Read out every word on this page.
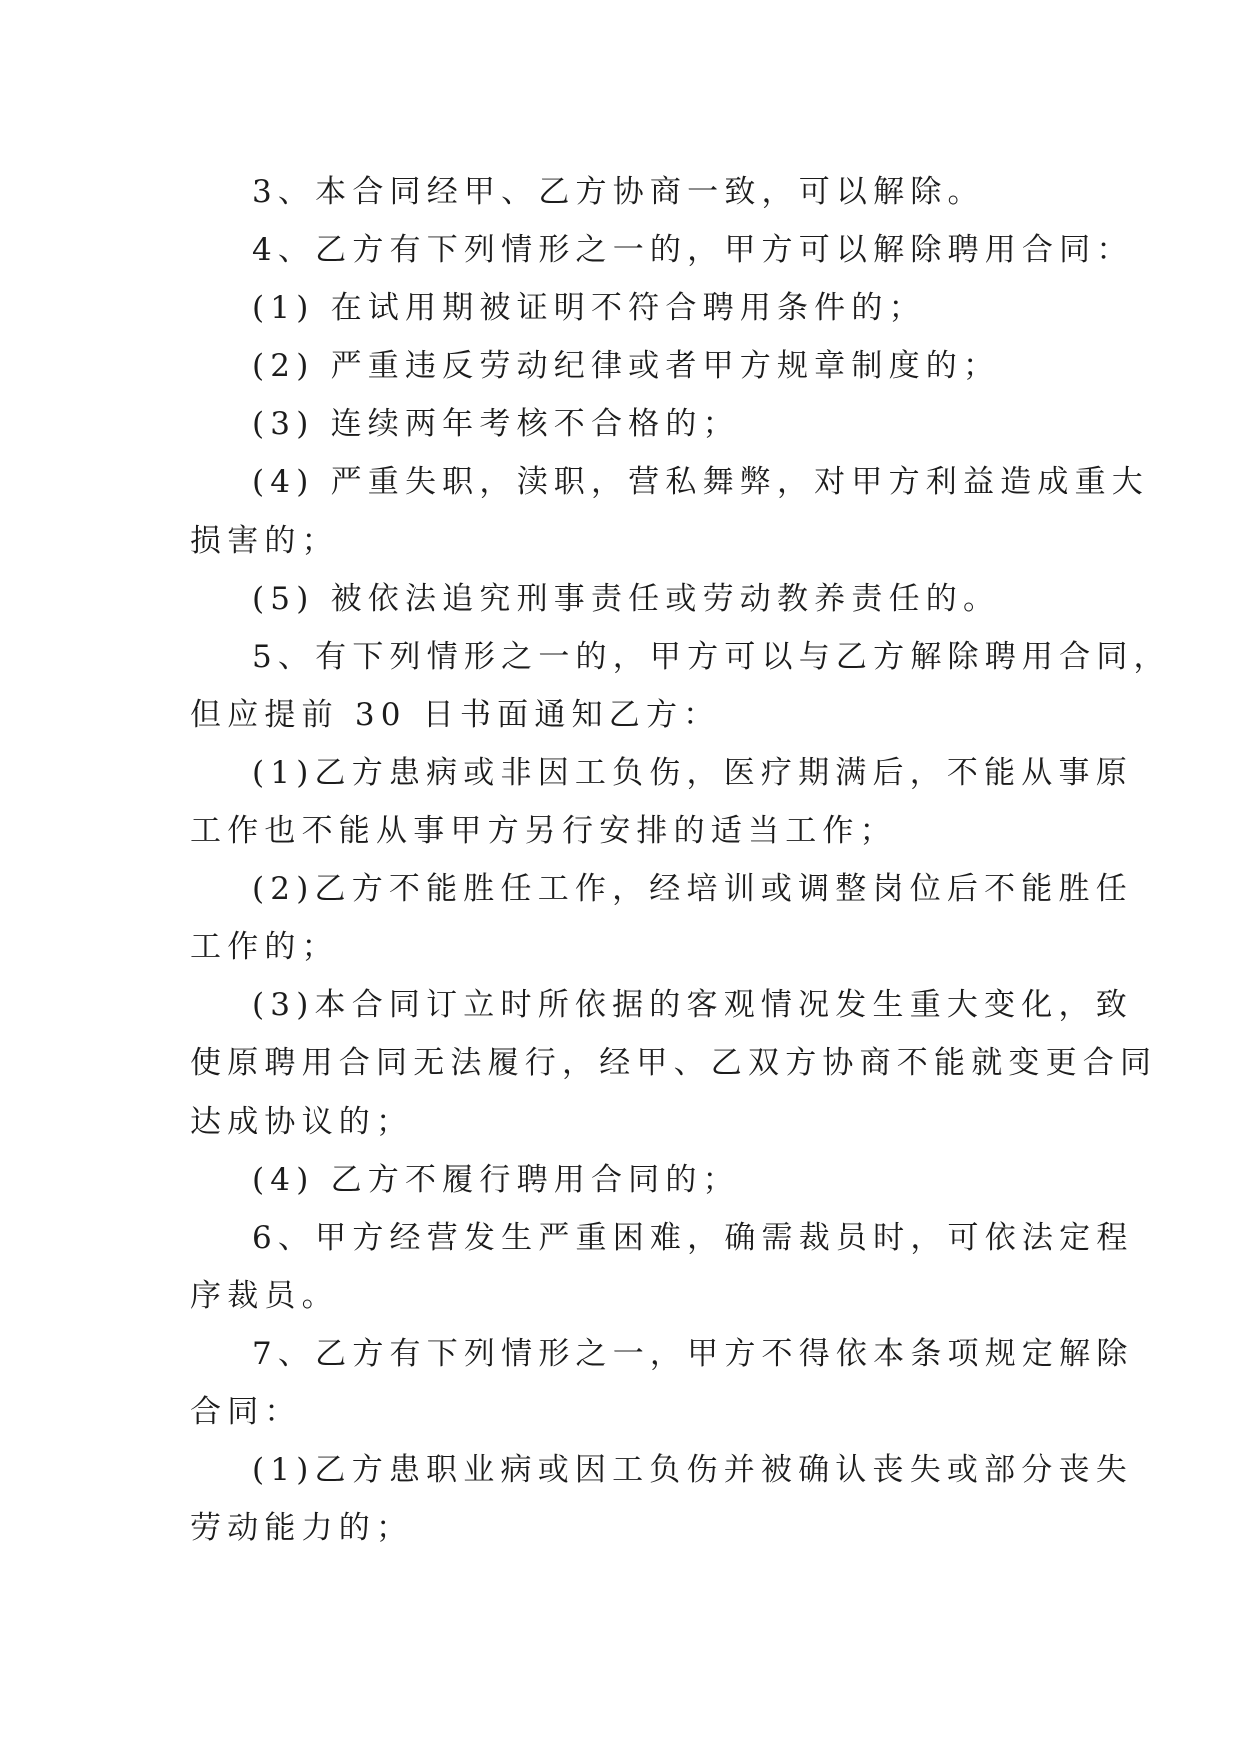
3、本合同经甲、乙方协商一致，可以解除。
4、乙方有下列情形之一的，甲方可以解除聘用合同：
(1) 在试用期被证明不符合聘用条件的；
(2) 严重违反劳动纪律或者甲方规章制度的；
(3) 连续两年考核不合格的；
(4) 严重失职，渎职，营私舞弊，对甲方利益造成重大
损害的；
(5) 被依法追究刑事责任或劳动教养责任的。
5、有下列情形之一的，甲方可以与乙方解除聘用合同，
但应提前 30 日书面通知乙方：
(1)乙方患病或非因工负伤，医疗期满后，不能从事原
工作也不能从事甲方另行安排的适当工作；
(2)乙方不能胜任工作，经培训或调整岗位后不能胜任
工作的；
(3)本合同订立时所依据的客观情况发生重大变化，致
使原聘用合同无法履行，经甲、乙双方协商不能就变更合同
达成协议的；
(4) 乙方不履行聘用合同的；
6、甲方经营发生严重困难，确需裁员时，可依法定程
序裁员。
7、乙方有下列情形之一，甲方不得依本条项规定解除
合同：
(1)乙方患职业病或因工负伤并被确认丧失或部分丧失
劳动能力的；
